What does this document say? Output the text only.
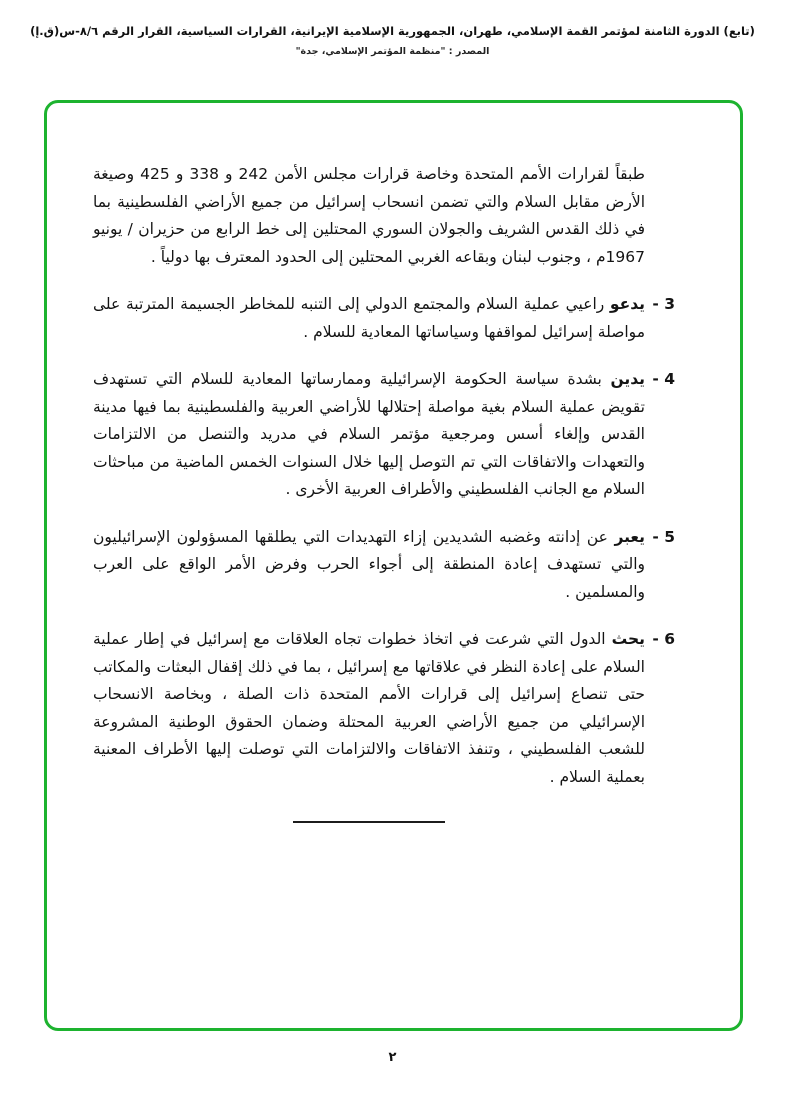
(تابع) الدورة الثامنة لمؤتمر القمة الإسلامي، طهران، الجمهورية الإسلامية الإيرانية، القرارات السياسية، القرار الرقم ٨/٦-س(ق.إ)
المصدر : "منظمة المؤتمر الإسلامي، جدة"
طبقاً لقرارات الأمم المتحدة وخاصة قرارات مجلس الأمن 242 و 338 و 425 وصيغة الأرض مقابل السلام والتي تضمن انسحاب إسرائيل من جميع الأراضي الفلسطينية بما في ذلك القدس الشريف والجولان السوري المحتلين إلى خط الرابع من حزيران / يونيو 1967م ، وجنوب لبنان وبقاعه الغربي المحتلين إلى الحدود المعترف بها دولياً .
3 -
يدعو راعيي عملية السلام والمجتمع الدولي إلى التنبه للمخاطر الجسيمة المترتبة على مواصلة إسرائيل لمواقفها وسياساتها المعادية للسلام .
4 -
يدين بشدة سياسة الحكومة الإسرائيلية وممارساتها المعادية للسلام التي تستهدف تقويض عملية السلام بغية مواصلة إحتلالها للأراضي العربية والفلسطينية بما فيها مدينة القدس وإلغاء أسس ومرجعية مؤتمر السلام في مدريد والتنصل من الالتزامات والتعهدات والاتفاقات التي تم التوصل إليها خلال السنوات الخمس الماضية من مباحثات السلام مع الجانب الفلسطيني والأطراف العربية الأخرى .
5 -
يعبر عن إدانته وغضبه الشديدين إزاء التهديدات التي يطلقها المسؤولون الإسرائيليون والتي تستهدف إعادة المنطقة إلى أجواء الحرب وفرض الأمر الواقع على العرب والمسلمين .
6 -
يحث الدول التي شرعت في اتخاذ خطوات تجاه العلاقات مع إسرائيل في إطار عملية السلام على إعادة النظر في علاقاتها مع إسرائيل ، بما في ذلك إقفال البعثات والمكاتب حتى تنصاع إسرائيل إلى قرارات الأمم المتحدة ذات الصلة ، وبخاصة الانسحاب الإسرائيلي من جميع الأراضي العربية المحتلة وضمان الحقوق الوطنية المشروعة للشعب الفلسطيني ، وتنفذ الاتفاقات والالتزامات التي توصلت إليها الأطراف المعنية بعملية السلام .
٢
